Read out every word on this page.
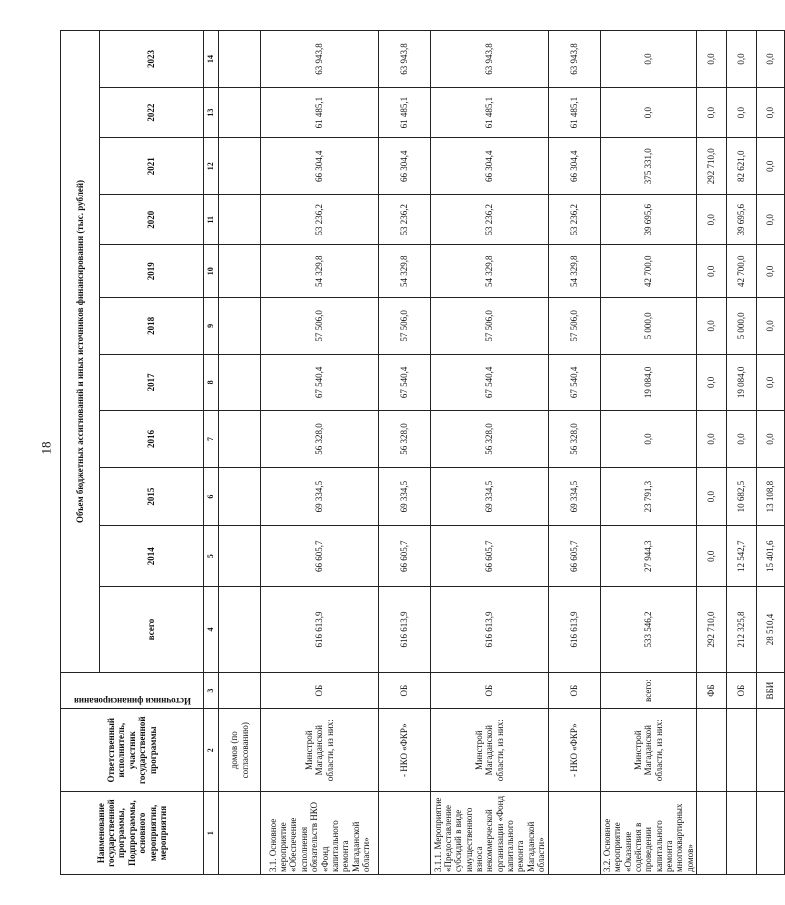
18
Наименование государственной программы, Подпрограммы, основного мероприятия, мероприятия	Ответственный исполнитель, участник государственной программы	Источники финансирования	Объем бюджетных ассигнований и иных источников финансирования (тыс. рублей)										
			всего	2014	2015	2016	2017	2018	2019	2020	2021	2022	2023
1	2	3	4	5	6	7	8	9	10	11	12	13	14
	домов (по согласованию)												
3.1. Основное мероприятие «Обеспечение исполнения обязательств НКО «Фонд капитального ремонта Магаданской области»	Минстрой Магаданской области, из них:	ОБ	616 613,9	66 605,7	69 334,5	56 328,0	67 540,4	57 506,0	54 329,8	53 236,2	66 304,4	61 485,1	63 943,8
	- НКО «ФКР»	ОБ	616 613,9	66 605,7	69 334,5	56 328,0	67 540,4	57 506,0	54 329,8	53 236,2	66 304,4	61 485,1	63 943,8
3.1.1. Мероприятие «Предоставление субсидий в виде имущественного взноса некоммерческой организации «Фонд капитального ремонта Магаданской области»	Минстрой Магаданской области, из них:	ОБ	616 613,9	66 605,7	69 334,5	56 328,0	67 540,4	57 506,0	54 329,8	53 236,2	66 304,4	61 485,1	63 943,8
	- НКО «ФКР»	ОБ	616 613,9	66 605,7	69 334,5	56 328,0	67 540,4	57 506,0	54 329,8	53 236,2	66 304,4	61 485,1	63 943,8
3.2. Основное мероприятие «Оказание содействия в проведении капитального ремонта многоквартирных домов»	Минстрой Магаданской области, из них:	всего:	533 546,2	27 944,3	23 791,3	0,0	19 084,0	5 000,0	42 700,0	39 695,6	375 331,0	0,0	0,0
		ФБ	292 710,0	0,0	0,0	0,0	0,0	0,0	0,0	0,0	292 710,0	0,0	0,0
		ОБ	212 325,8	12 542,7	10 682,5	0,0	19 084,0	5 000,0	42 700,0	39 695,6	82 621,0	0,0	0,0
		ВБИ	28 510,4	15 401,6	13 108,8	0,0	0,0	0,0	0,0	0,0	0,0	0,0	0,0
